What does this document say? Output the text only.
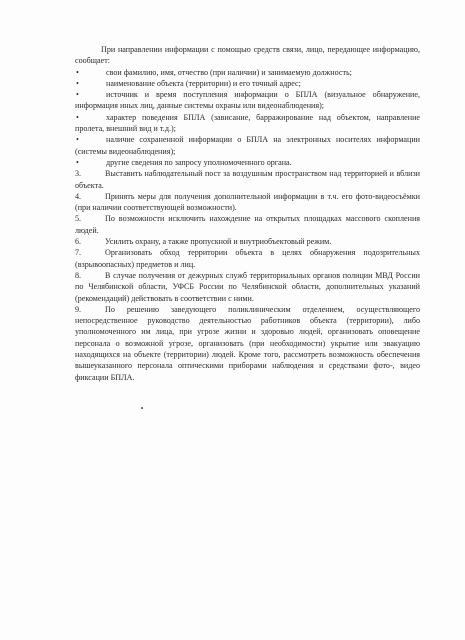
При направлении информации с помощью средств связи, лицо, передающее информацию, сообщает:

•	свои фамилию, имя, отчество (при наличии) и занимаемую должность;

•	наименование объекта (территории) и его точный адрес;

•	источник и время поступления информации о БПЛА (визуальное обнаружение, информация иных лиц, данные системы охраны или видеонаблюдения);

•	характер поведения БПЛА (зависание, барражирование над объектом, направление пролета, внешний вид и т.д.);

•	наличие сохраненной информации о БПЛА на электронных носителях информации (системы видеонаблюдения);

•	другие сведения по запросу уполномоченного органа.

3.	Выставить наблюдательный пост за воздушным пространством над территорией и вблизи объекта.

4.	Принять меры для получения дополнительной информации в т.ч. его фото-видеосъёмки (при наличии соответствующей возможности).

5.	По возможности исключить нахождение на открытых площадках массового скопления людей.

6.	Усилить охрану, а также пропускной и внутриобъектовый режим.

7.	Организовать обход территории объекта в целях обнаружения подозрительных (взрывоопасных) предметов и лиц.

8.	В случае получения от дежурных служб территориальных органов полиции МВД России по Челябинской области, УФСБ России по Челябинской области, дополнительных указаний (рекомендаций) действовать в соответствии с ними.

9.	По решению заведующего поликлиническим отделением, осуществляющего непосредственное руководство деятельностью работников объекта (территории), либо уполномоченного им лица, при угрозе жизни и здоровью людей, организовать оповещение персонала о возможной угрозе, организовать (при необходимости) укрытие или эвакуацию находящихся на объекте (территории) людей. Кроме того, рассмотреть возможность обеспечения вышеуказанного персонала оптическими приборами наблюдения и средствами фото-, видео фиксации БПЛА.
